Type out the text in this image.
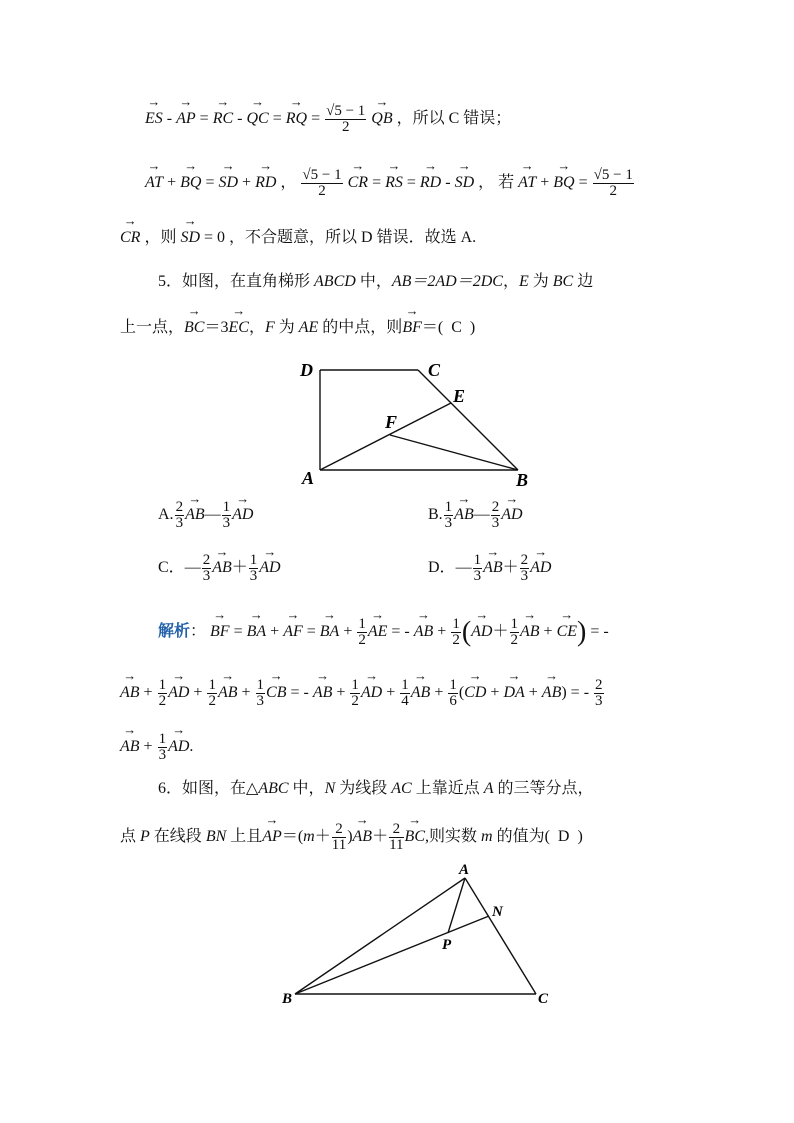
→ ES - → AP = → RC - → QC = → RQ = $\frac{√5 - 1}{2}$
→ QB ，所以 C 错误；
→ AT + → BQ = → SD + → RD ， $\frac{√5 - 1}{2}$
→ CR = → RS = → RD - → SD ， 若 → AT + → BQ = $\frac{√5 - 1}{2}$
→ CR ，则 → SD = 0 ，不合题意，所以 D 错误．故选 A.
5．如图，在直角梯形 ABCD 中，AB＝2AD＝2DC，E 为 BC 边
上一点，→ BC＝3→ EC，F 为 AE 的中点，则→ BF＝( C )
D	C
E
F
A	B
A. $\frac{2}{3}$
→ AB— $\frac{1}{3}$
→ AD	B. $\frac{1}{3}$
→ AB— $\frac{2}{3}$
→ AD
C．— $\frac{2}{3}$
→ $AB+ \frac{1}{3}$
→ AD	D．— $\frac{1}{3}$
→ $AB+ \frac{2}{3}$
→ AD
解析： → BF = → BA + → AF = → BA + $\frac{1}{2}$
→ AE = - → AB + $\frac{1}{2}$ (→ $AD+ \frac{1}{2}$
→ AB + → CE) = -
→ AB + $\frac{1}{2}$
→ AD + $\frac{1}{2}$
→ AB + $\frac{1}{3}$
→ CB = - → AB + $\frac{1}{2}$
→ AD + $\frac{1}{4}$
→ AB + $\frac{1}{6}$ (→ CD + → DA + → AB) = - $\frac{2}{3}$
→ AB + $\frac{1}{3}$
→ AD.
6．如图，在△ABC 中，N 为线段 AC 上靠近点 A 的三等分点，
点 P 在线段 BN 上且→ $AP=(m+ \frac{2}{11}$ )→ $AB+ \frac{2}{11}$
→ BC,则实数 m 的值为( D )
A
N
P
B	C
